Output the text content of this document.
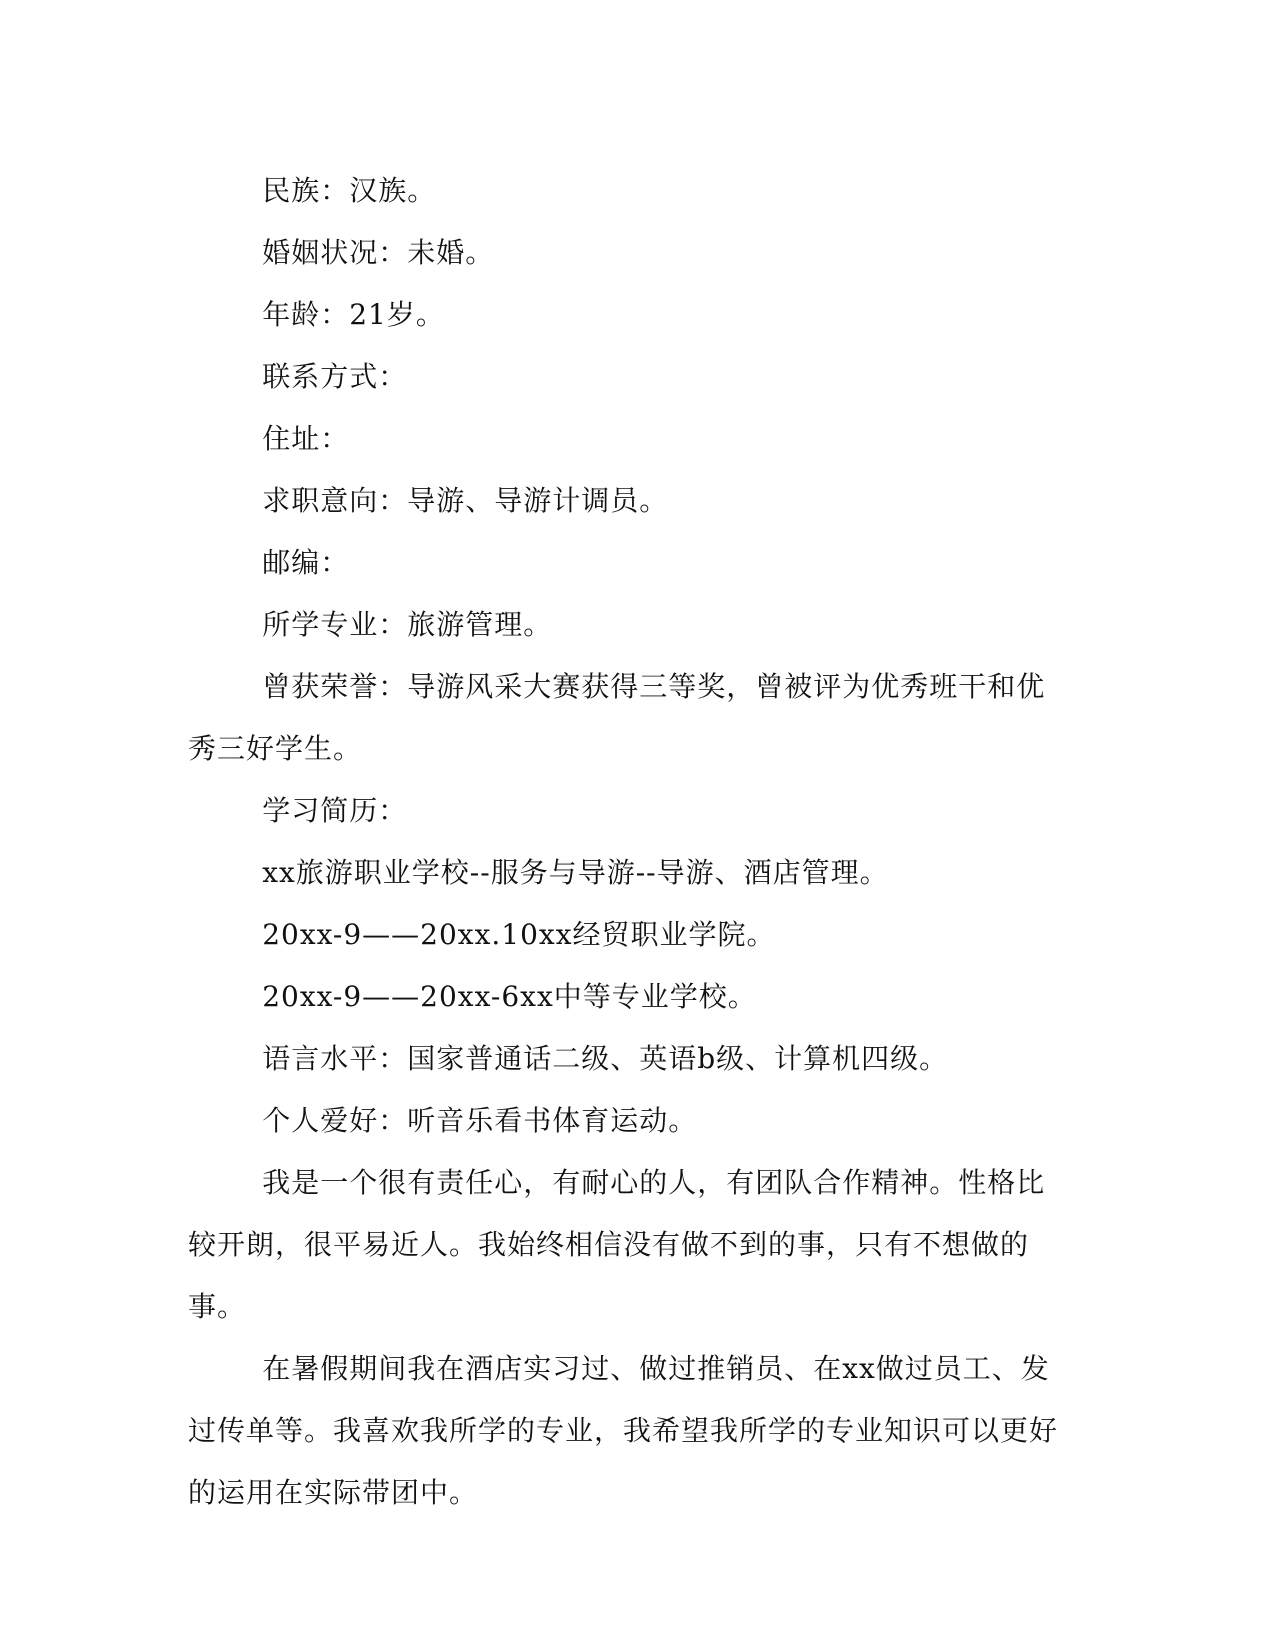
民族：汉族。

婚姻状况：未婚。

年龄：21岁。

联系方式：

住址：

求职意向：导游、导游计调员。

邮编：

所学专业：旅游管理。

曾获荣誉：导游风采大赛获得三等奖，曾被评为优秀班干和优秀三好学生。

学习简历：

xx旅游职业学校--服务与导游--导游、酒店管理。

20xx-9——20xx.10xx经贸职业学院。

20xx-9——20xx-6xx中等专业学校。

语言水平：国家普通话二级、英语b级、计算机四级。

个人爱好：听音乐看书体育运动。

我是一个很有责任心，有耐心的人，有团队合作精神。性格比较开朗，很平易近人。我始终相信没有做不到的事，只有不想做的事。

在暑假期间我在酒店实习过、做过推销员、在xx做过员工、发过传单等。我喜欢我所学的专业，我希望我所学的专业知识可以更好的运用在实际带团中。
